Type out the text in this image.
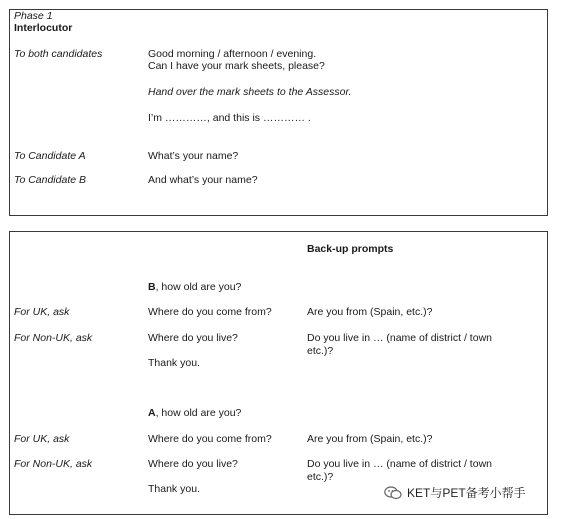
Phase 1
Interlocutor
To both candidates	Good morning / afternoon / evening.
Can I have your mark sheets, please?
Hand over the mark sheets to the Assessor.
I’m …………, and this is ………… .
To Candidate A	What’s your name?
To Candidate B	And what’s your name?
Back-up prompts
B, how old are you?
For UK, ask	Where do you come from?	Are you from (Spain, etc.)?
For Non-UK, ask	Where do you live?	Do you live in … (name of district / town etc.)?
Thank you.
A, how old are you?
For UK, ask	Where do you come from?	Are you from (Spain, etc.)?
For Non-UK, ask	Where do you live?	Do you live in … (name of district / town etc.)?
Thank you.	KET与PET备考小帮手
